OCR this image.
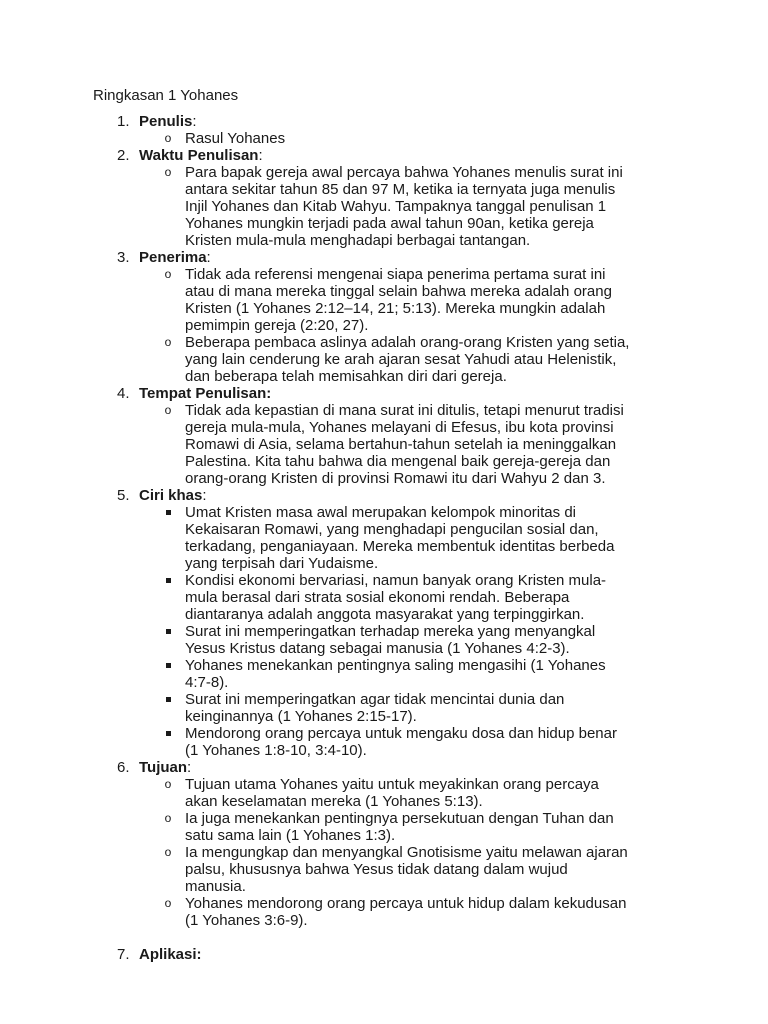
Ringkasan 1 Yohanes
1. Penulis:
o Rasul Yohanes
2. Waktu Penulisan:
o Para bapak gereja awal percaya bahwa Yohanes menulis surat ini antara sekitar tahun 85 dan 97 M, ketika ia ternyata juga menulis Injil Yohanes dan Kitab Wahyu. Tampaknya tanggal penulisan 1 Yohanes mungkin terjadi pada awal tahun 90an, ketika gereja Kristen mula-mula menghadapi berbagai tantangan.
3. Penerima:
o Tidak ada referensi mengenai siapa penerima pertama surat ini atau di mana mereka tinggal selain bahwa mereka adalah orang Kristen (1 Yohanes 2:12–14, 21; 5:13). Mereka mungkin adalah pemimpin gereja (2:20, 27).
o Beberapa pembaca aslinya adalah orang-orang Kristen yang setia, yang lain cenderung ke arah ajaran sesat Yahudi atau Helenistik, dan beberapa telah memisahkan diri dari gereja.
4. Tempat Penulisan:
o Tidak ada kepastian di mana surat ini ditulis, tetapi menurut tradisi gereja mula-mula, Yohanes melayani di Efesus, ibu kota provinsi Romawi di Asia, selama bertahun-tahun setelah ia meninggalkan Palestina. Kita tahu bahwa dia mengenal baik gereja-gereja dan orang-orang Kristen di provinsi Romawi itu dari Wahyu 2 dan 3.
5. Ciri khas:
Umat Kristen masa awal merupakan kelompok minoritas di Kekaisaran Romawi, yang menghadapi pengucilan sosial dan, terkadang, penganiayaan. Mereka membentuk identitas berbeda yang terpisah dari Yudaisme.
Kondisi ekonomi bervariasi, namun banyak orang Kristen mula-mula berasal dari strata sosial ekonomi rendah. Beberapa diantaranya adalah anggota masyarakat yang terpinggirkan.
Surat ini memperingatkan terhadap mereka yang menyangkal Yesus Kristus datang sebagai manusia (1 Yohanes 4:2-3).
Yohanes menekankan pentingnya saling mengasihi (1 Yohanes 4:7-8).
Surat ini memperingatkan agar tidak mencintai dunia dan keinginannya (1 Yohanes 2:15-17).
Mendorong orang percaya untuk mengaku dosa dan hidup benar (1 Yohanes 1:8-10, 3:4-10).
6. Tujuan:
o Tujuan utama Yohanes yaitu untuk meyakinkan orang percaya akan keselamatan mereka (1 Yohanes 5:13).
o Ia juga menekankan pentingnya persekutuan dengan Tuhan dan satu sama lain (1 Yohanes 1:3).
o Ia mengungkap dan menyangkal Gnotisisme yaitu melawan ajaran palsu, khususnya bahwa Yesus tidak datang dalam wujud manusia.
o Yohanes mendorong orang percaya untuk hidup dalam kekudusan (1 Yohanes 3:6-9).
7. Aplikasi:
